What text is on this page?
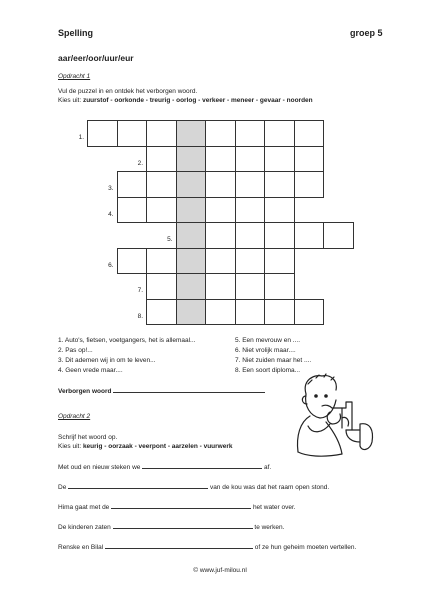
Spelling	groep 5
aar/eer/oor/uur/eur
Opdracht 1
Vul de puzzel in en ontdek het verborgen woord.
Kies uit: zuurstof - oorkonde - treurig - oorlog - verkeer - meneer - gevaar - noorden
1.
2.
3.
4.
5.
6.
7.
8.
1. Auto's, fietsen, voetgangers, het is allemaal...
2. Pas op!...
3. Dit ademen wij in om te leven...
4. Geen vrede maar....
5. Een mevrouw en ....
6. Niet vrolijk maar....
7. Niet zuiden maar het ....
8. Een soort diploma...
Verborgen woord
Opdracht 2
Schrijf het woord op.
Kies uit: keurig - oorzaak - veerpont - aarzelen - vuurwerk
Met oud en nieuw steken we	af.
De	van de kou was dat het raam open stond.
Hima gaat met de	het water over.
De kinderen zaten	te werken.
Renske en Bilal	of ze hun geheim moeten vertellen.
© www.juf-milou.nl
